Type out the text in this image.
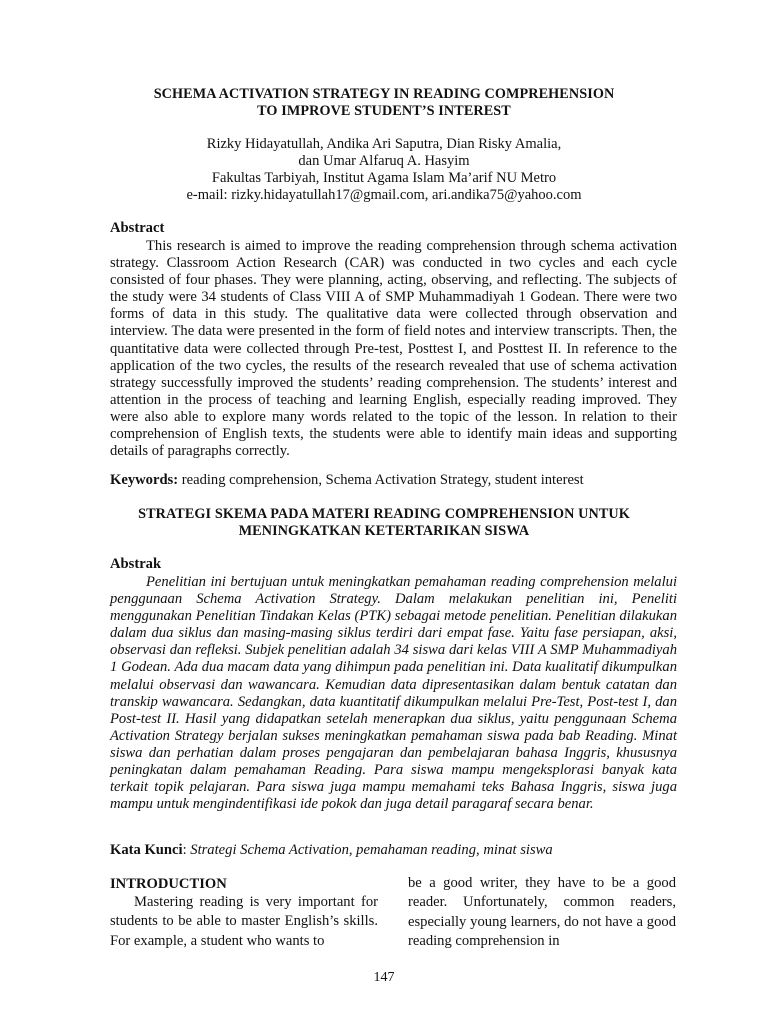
SCHEMA ACTIVATION STRATEGY IN READING COMPREHENSION
TO IMPROVE STUDENT’S INTEREST
Rizky Hidayatullah, Andika Ari Saputra, Dian Risky Amalia,
dan Umar Alfaruq A. Hasyim
Fakultas Tarbiyah, Institut Agama Islam Ma’arif NU Metro
e-mail: rizky.hidayatullah17@gmail.com, ari.andika75@yahoo.com
Abstract
This research is aimed to improve the reading comprehension through schema activation strategy. Classroom Action Research (CAR) was conducted in two cycles and each cycle consisted of four phases. They were planning, acting, observing, and reflecting. The subjects of the study were 34 students of Class VIII A of SMP Muhammadiyah 1 Godean. There were two forms of data in this study. The qualitative data were collected through observation and interview. The data were presented in the form of field notes and interview transcripts. Then, the quantitative data were collected through Pre-test, Posttest I, and Posttest II. In reference to the application of the two cycles, the results of the research revealed that use of schema activation strategy successfully improved the students’ reading comprehension. The students’ interest and attention in the process of teaching and learning English, especially reading improved. They were also able to explore many words related to the topic of the lesson. In relation to their comprehension of English texts, the students were able to identify main ideas and supporting details of paragraphs correctly.
Keywords: reading comprehension, Schema Activation Strategy, student interest
STRATEGI SKEMA PADA MATERI READING COMPREHENSION UNTUK
MENINGKATKAN KETERTARIKAN SISWA
Abstrak
Penelitian ini bertujuan untuk meningkatkan pemahaman reading comprehension melalui penggunaan Schema Activation Strategy. Dalam melakukan penelitian ini, Peneliti menggunakan Penelitian Tindakan Kelas (PTK) sebagai metode penelitian. Penelitian dilakukan dalam dua siklus dan masing-masing siklus terdiri dari empat fase. Yaitu fase persiapan, aksi, observasi dan refleksi. Subjek penelitian adalah 34 siswa dari kelas VIII A SMP Muhammadiyah 1 Godean. Ada dua macam data yang dihimpun pada penelitian ini. Data kualitatif dikumpulkan melalui observasi dan wawancara. Kemudian data dipresentasikan dalam bentuk catatan dan transkip wawancara. Sedangkan, data kuantitatif dikumpulkan melalui Pre-Test, Post-test I, dan Post-test II. Hasil yang didapatkan setelah menerapkan dua siklus, yaitu penggunaan Schema Activation Strategy berjalan sukses meningkatkan pemahaman siswa pada bab Reading. Minat siswa dan perhatian dalam proses pengajaran dan pembelajaran bahasa Inggris, khususnya peningkatan dalam pemahaman Reading. Para siswa mampu mengeksplorasi banyak kata terkait topik pelajaran. Para siswa juga mampu memahami teks Bahasa Inggris, siswa juga mampu untuk mengindentifikasi ide pokok dan juga detail paragaraf secara benar.
Kata Kunci: Strategi Schema Activation, pemahaman reading, minat siswa
INTRODUCTION
Mastering reading is very important for students to be able to master English’s skills. For example, a student who wants to
be a good writer, they have to be a good reader. Unfortunately, common readers, especially young learners, do not have a good reading comprehension in
147
